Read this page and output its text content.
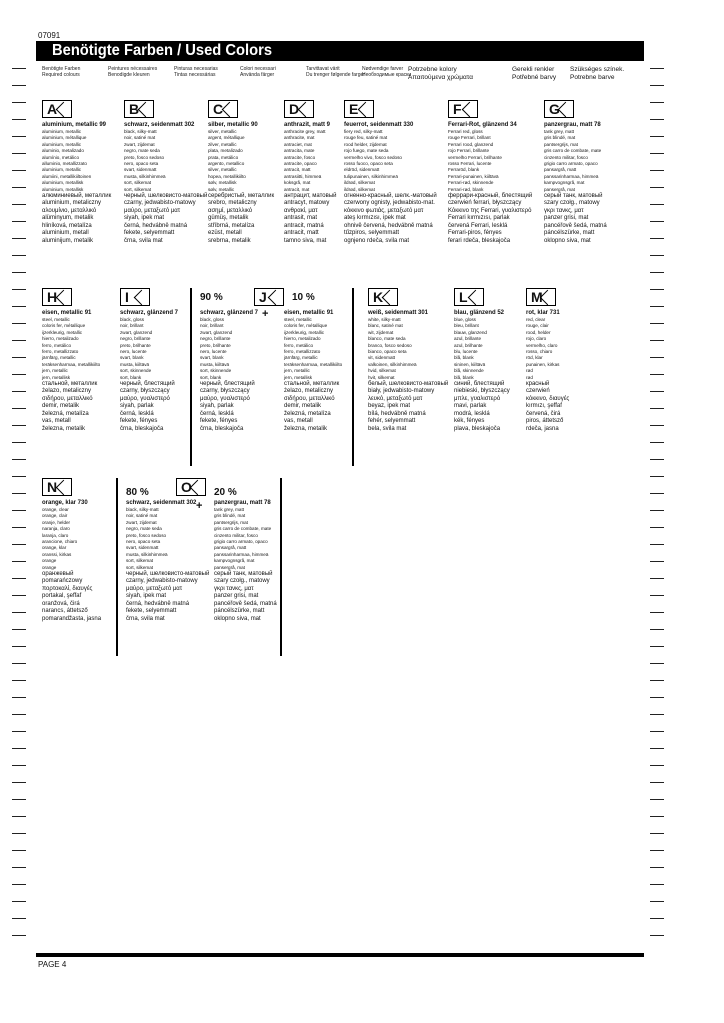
07091
Benötigte Farben / Used Colors
Benötigte Farben
Required colours
Peintures nécessaires
Benodigde kleuren
Pinturas necesarias
Tintas necessárias
Colori necessari
Använda färger
Tarvittavat värit
Du trenger følgende farger
Nødvendige farver
Необходимые краски
Potrzebne kolory
Απαιτούμενα χρώματα
Gerekli renkler
Potřebné barvy
Szükséges színek.
Potrebne barve
A
aluminium, metallic 99
aluminium, metallic
aluminium, métallique
aluminium, metallic
aluminio, metalizado
alumínio, metálico
alluminio, metallizzato
aluminium, metallic
alumiini, metallikiiltoinen
aluminium, metallisk
aluminium, metallisk
алюминиевый, металлик
aluminium, metaliczny
αλουμίνιο, μεταλλικό
alüminyum, metalik
hliníková, metalíza
aluminium, metall
aluminijum, metalik
B
schwarz, seidenmatt 302
black, silky-matt
noir, satiné mat
zwart, zijdemat
negro, mate seda
preto, fosco sedoso
nero, opaco seta
svart, sidenmatt
musta, silkinhimmeä
sort, silkemat
sort, silkemat
черный, шелковисто-матовый
czarny, jedwabisto-matowy
μαύρο, μεταξωτό ματ
siyah, ipek mat
černá, hedvábně matná
fekete, selyemmatt
črna, svila mat
C
silber, metallic 90
silver, metallic
argent, métallique
zilver, metallic
plata, metalizado
prata, metálico
argento, metallico
silver, metallic
hopea, metallikiilto
sølv, metallisk
sølv, metallic
серебристый, металлик
srebro, metaliczny
ασημί, μεταλλικό
gümüş, metalik
stříbrná, metalíza
ezüst, metall
srebrna, metalik
D
anthrazit, matt 9
anthracite grey, matt
anthracite, mat
antraciet, mat
antracita, mate
antracite, fosco
antracite, opaco
antracit, matt
antrasiitti, himmeä
koksgrå, mat
antracit, mat
антрацит, матовый
antracyt, matowy
ανθρακί, ματ
antrasit, mat
antracit, matná
antracit, matt
tamno siva, mat
E
feuerrot, seidenmatt 330
fiery red, silky-matt
rouge feu, satiné mat
rood helder, zijdemat
rojo fuego, mate seda
vermelho vivo, fosco sedoso
rosso fuoco, opaco seta
eldröd, sidenmatt
tulipunainen, silkinhimmeä
ildrød, silkemat
ildrød, silkemat
огненно-красный, шелк.-матовый
czerwony ognisty, jedwabisto-mat.
κόκκινο φωτιάς, μεταξωτό ματ
ateş kırmızısı, ipek mat
ohnivě červená, hedvábně matná
tűzpiros, selyemmatt
ognjeno rdeča, svila mat
F
Ferrari-Rot, glänzend 34
Ferrari red, gloss
rouge Ferrari, brillant
Ferrari rood, glanzend
rojo Ferrari, brillante
vermelho Ferrari, brilhante
rosso Ferrari, lucente
Ferraröd, blank
Ferrari-punainen, kiiltävä
Ferrari-rød, skinnende
Ferrari-rød, blank
феррари-красный, блестящий
czerwień ferrari, błyszczący
Κόκκινο της Ferrari, γυαλιστερό
Ferrari kırmızısı, parlak
červená Ferrari, lesklá
Ferrari-piros, fényes
ferari rdeča, bleskajoča
G
panzergrau, matt 78
tank grey, matt
gris blindé, mat
pantsergrijs, mat
gris carro de combate, mate
cinzento militar, fosco
grigio carro armato, opaco
pansargrå, matt
panssarinharmaa, himmeä
kampvognsgrå, mat
pansergrå, mat
серый танк, матовый
szary czołg., matowy
γκρι τανκς, ματ
panzer grisi, mat
pancéřově šedá, matná
páncélszürke, matt
oklopno siva, mat
H
eisen, metallic 91
steel, metallic
coloris fer, métallique
ijzerkleurig, metallic
hierro, metalizado
ferro, metálico
ferro, metallizzato
järnfärg, metallic
teräksenharmaa, metallikiilto
jern, metallic
jern, metallisk
стальной, металлик
żelazo, metaliczny
σιδήρου, μεταλλικό
demir, metalik
železná, metalíza
vas, metall
železna, metalik
I
schwarz, glänzend 7
black, gloss
noir, brillant
zwart, glanzend
negro, brillante
preto, brilhante
nero, lucente
svart, blank
musta, kiiltävä
sort, skinnende
sort, blank
черный, блестящий
czarny, błyszczący
μαύρο, γυαλιστερό
siyah, parlak
černá, lesklá
fekete, fényes
črna, bleskajoča
90 %
schwarz, glänzend 7
black, gloss
noir, brillant
zwart, glanzend
negro, brillante
preto, brilhante
nero, lucente
svart, blank
musta, kiiltävä
sort, skinnende
sort, blank
черный, блестящий
czarny, błyszczący
μαύρο, γυαλιστερό
siyah, parlak
černá, lesklá
fekete, fényes
črna, bleskajoča
+
J	10 %
eisen, metallic 91
steel, metallic
coloris fer, métallique
ijzerkleurig, metallic
hierro, metalizado
ferro, metálico
ferro, metallizzato
järnfärg, metallic
teräksenharmaa, metallikiilto
jern, metallic
jern, metallisk
стальной, металлик
żelazo, metaliczny
σιδήρου, μεταλλικό
demir, metalik
železná, metalíza
vas, metall
železna, metalik
K
weiß, seidenmatt 301
white, silky-matt
blanc, satiné mat
wit, zijdemat
blanco, mate seda
branco, fosco sedoso
bianco, opaco seta
vit, sidenmatt
valkoinen, silkinhimmeä
hvid, silkemat
hvit, silkemat
белый, шелковисто-матовый
biały, jedwabisto-matowy
λευκό, μεταξωτό ματ
beyaz, ipek mat
bílá, hedvábně matná
fehér, selyemmatt
bela, svila mat
L
blau, glänzend 52
blue, gloss
bleu, brillant
blauw, glanzend
azul, brillante
azul, brilhante
blu, lucente
blå, blank
sininen, kiiltävä
blå, skinnende
blå, blank
синий, блестящий
niebieski, błyszczący
μπλε, γυαλιστερό
mavi, parlak
modrá, lesklá
kék, fényes
plava, bleskajoča
M
rot, klar 731
red, clear
rouge, clair
rood, helder
rojo, claro
vermelho, claro
rosso, chiaro
röd, klar
punainen, kirkas
rød
rød
красный
czerwień
κόκκινο, διαυγές
kırmızı, şeffaf
červená, čirá
piros, áttetsző
rdeča, jasna
N
orange, klar 730
orange, clear
orange, clair
oranje, helder
naranja, claro
laranja, claro
arancione, chiaro
orange, klar
oranssi, kirkas
orange
orange
оранжевый
pomarańczowy
πορτοκαλί, διαυγές
portakal, şeffaf
oranžová, čirá
narancs, áttetsző
pomarandžasta, jasna
80 %
schwarz, seidenmatt 302
black, silky-matt
noir, satiné mat
zwart, zijdemat
negro, mate seda
preto, fosco sedoso
nero, opaco seta
svart, sidenmatt
musta, silkinhimmeä
sort, silkemat
sort, silkemat
черный, шелковисто-матовый
czarny, jedwabisto-matowy
μαύρο, μεταξωτό ματ
siyah, ipek mat
černá, hedvábně matná
fekete, selyemmatt
črna, svila mat
+
O	20 %
panzergrau, matt 78
tank grey, matt
gris blindé, mat
pantsergrijs, mat
gris carro de combate, mate
cinzento militar, fosco
grigio carro armato, opaco
pansargrå, matt
panssarinharmaa, himmeä
kampvognsgrå, mat
pansergrå, mat
серый танк, матовый
szary czołg., matowy
γκρι τανκς, ματ
panzer grisi, mat
pancéřově šedá, matná
páncélszürke, matt
oklopno siva, mat
PAGE 4
